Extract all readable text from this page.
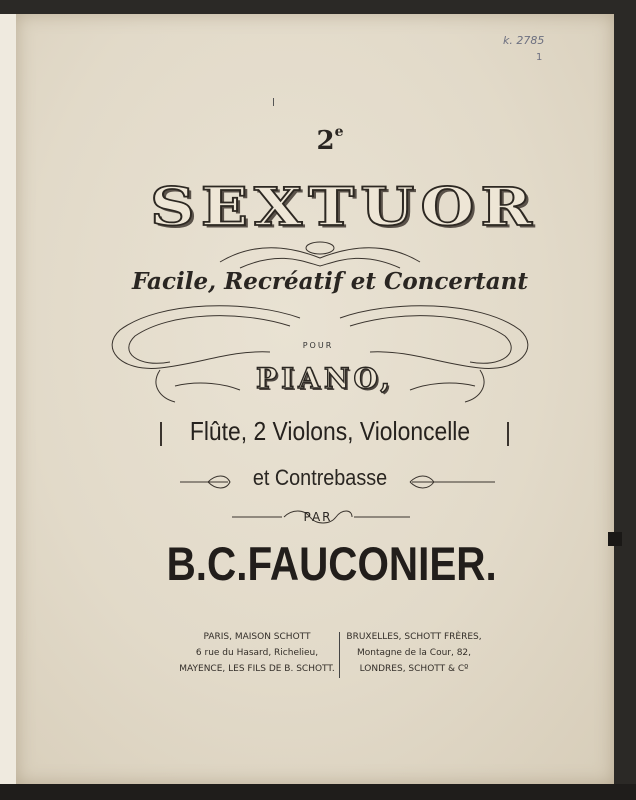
k. 2785
1
2e
SEXTUOR
Facile, Recréatif et Concertant
POUR
PIANO,
Flûte, 2 Violons, Violoncelle
et Contrebasse
PAR
B.C.FAUCONIER.
PARIS, MAISON SCHOTT
6 rue du Hasard, Richelieu,
MAYENCE, LES FILS DE B. SCHOTT.
BRUXELLES, SCHOTT FRÈRES,
Montagne de la Cour, 82,
LONDRES, SCHOTT & Cº
